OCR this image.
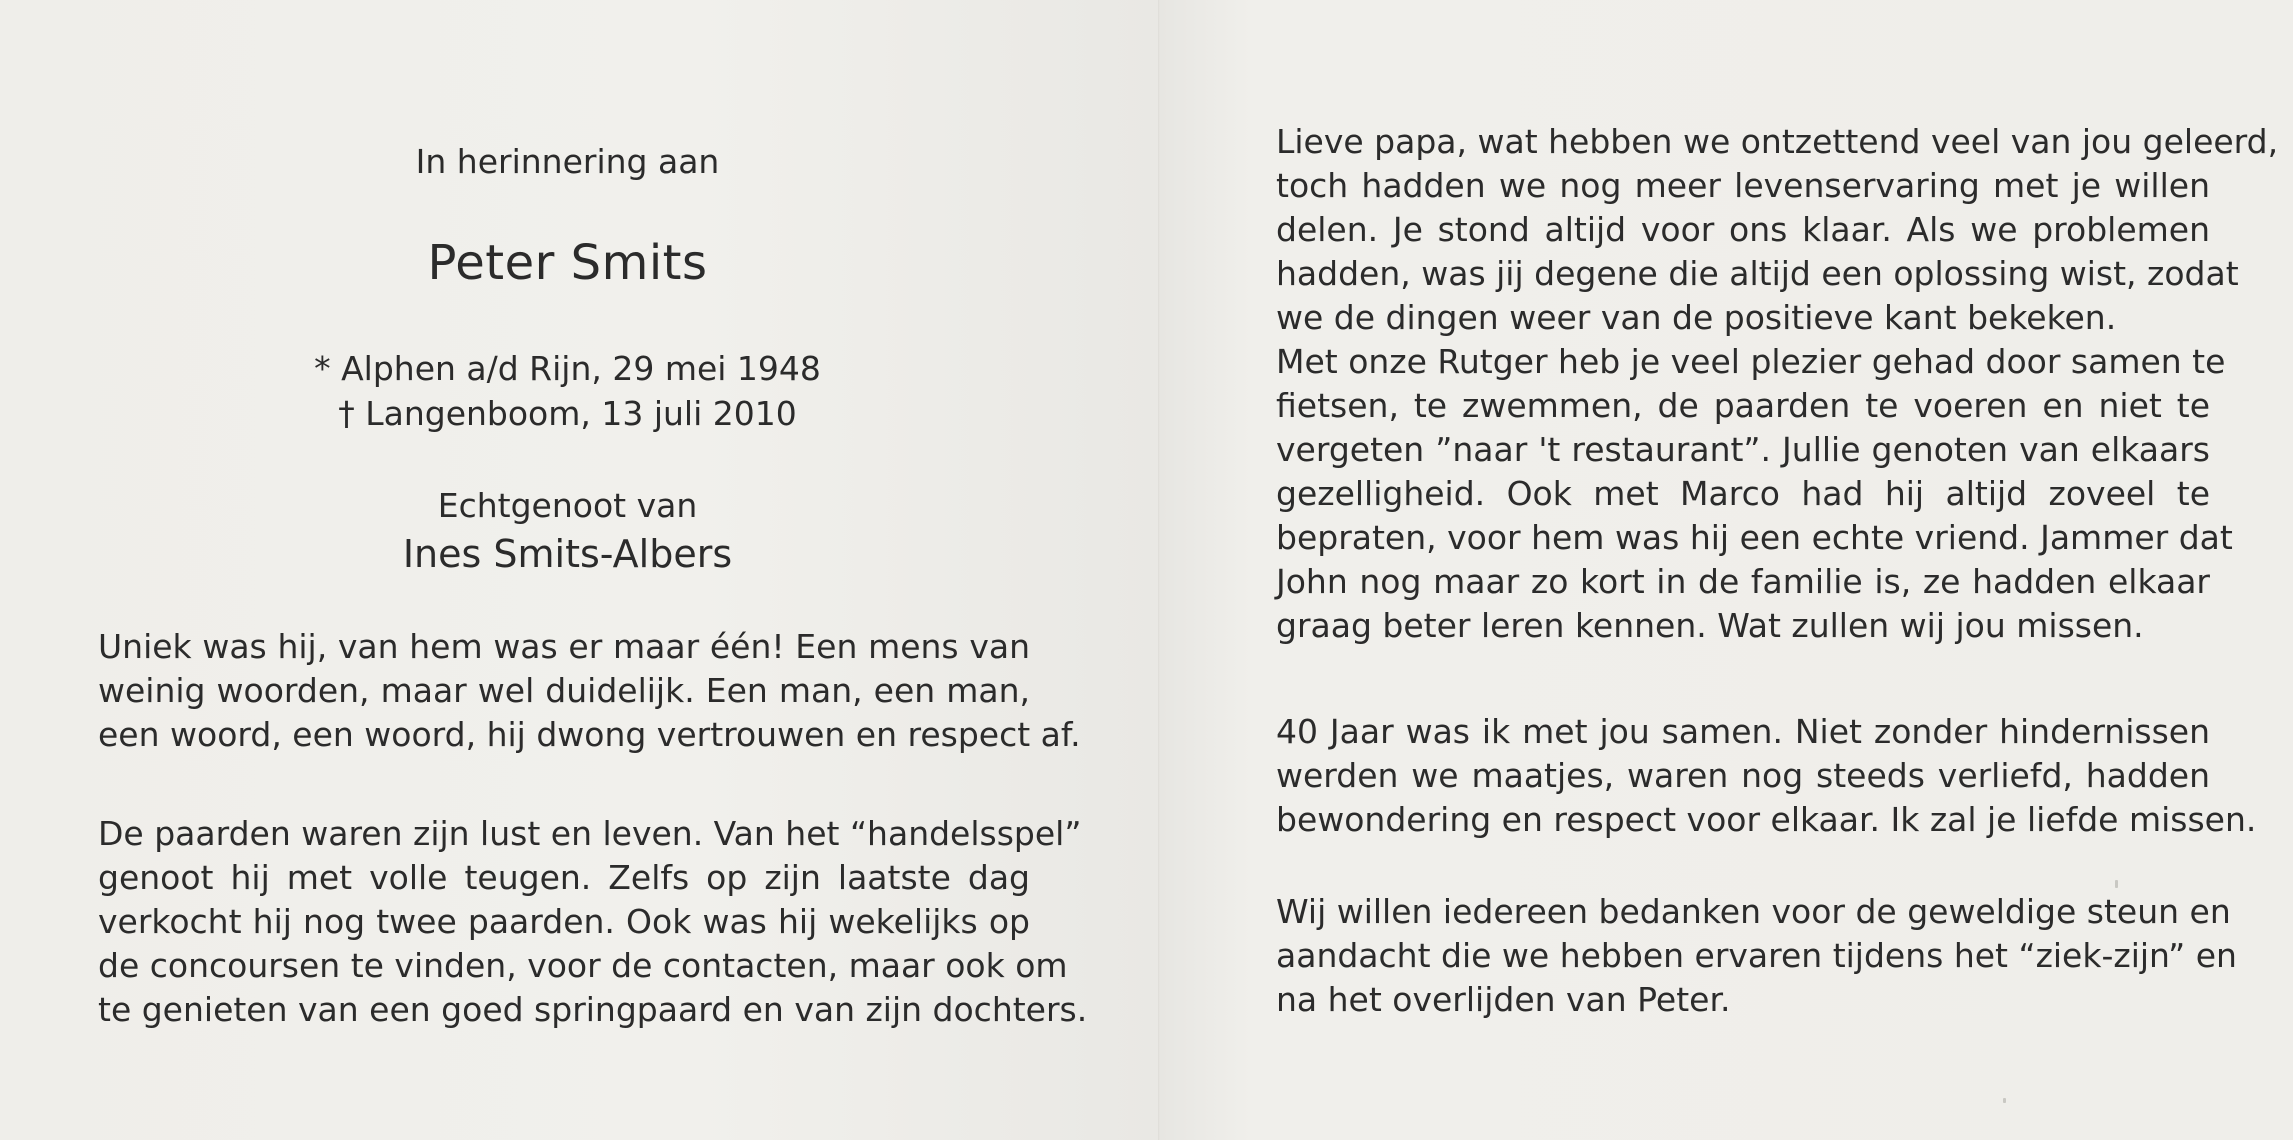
In herinnering aan
Peter Smits
* Alphen a/d Rijn, 29 mei 1948
† Langenboom, 13 juli 2010
Echtgenoot van
Ines Smits-Albers
Uniek was hij, van hem was er maar één! Een mens van
weinig woorden, maar wel duidelijk. Een man, een man,
een woord, een woord, hij dwong vertrouwen en respect af.
De paarden waren zijn lust en leven. Van het “handelsspel”
genoot hij met volle teugen. Zelfs op zijn laatste dag
verkocht hij nog twee paarden. Ook was hij wekelijks op
de concoursen te vinden, voor de contacten, maar ook om
te genieten van een goed springpaard en van zijn dochters.
Lieve papa, wat hebben we ontzettend veel van jou geleerd,
toch hadden we nog meer levenservaring met je willen
delen. Je stond altijd voor ons klaar. Als we problemen
hadden, was jij degene die altijd een oplossing wist, zodat
we de dingen weer van de positieve kant bekeken.
Met onze Rutger heb je veel plezier gehad door samen te
fietsen, te zwemmen, de paarden te voeren en niet te
vergeten ”naar 't restaurant”. Jullie genoten van elkaars
gezelligheid. Ook met Marco had hij altijd zoveel te
bepraten, voor hem was hij een echte vriend. Jammer dat
John nog maar zo kort in de familie is, ze hadden elkaar
graag beter leren kennen. Wat zullen wij jou missen.
40 Jaar was ik met jou samen. Niet zonder hindernissen
werden we maatjes, waren nog steeds verliefd, hadden
bewondering en respect voor elkaar. Ik zal je liefde missen.
Wij willen iedereen bedanken voor de geweldige steun en
aandacht die we hebben ervaren tijdens het “ziek-zijn” en
na het overlijden van Peter.
